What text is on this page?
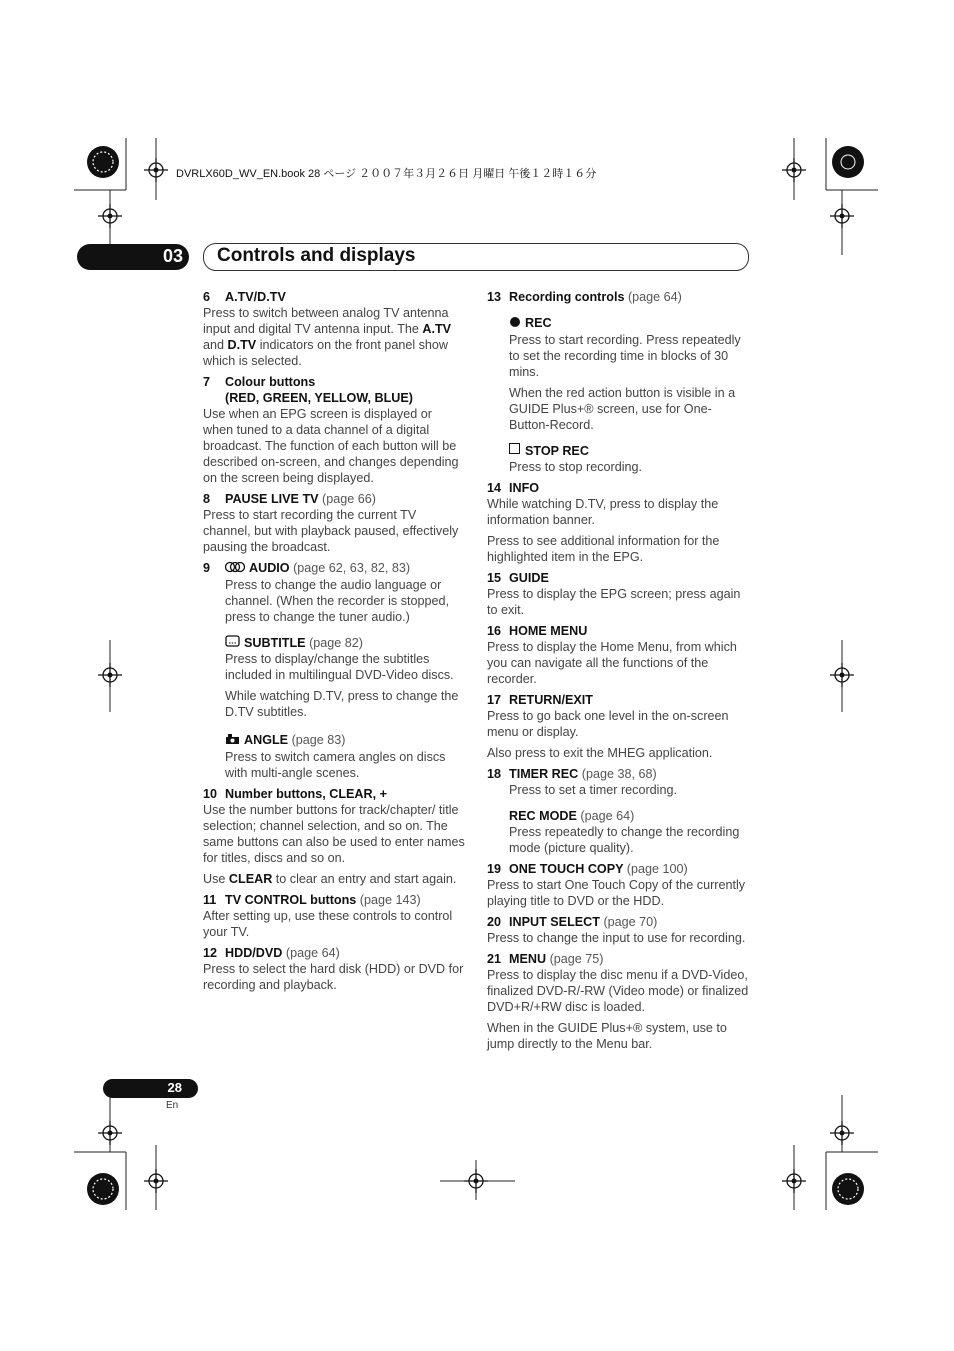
DVRLX60D_WV_EN.book 28 ページ ２００７年３月２６日 月曜日 午後１２時１６分
03 Controls and displays
6 A.TV/D.TV
Press to switch between analog TV antenna input and digital TV antenna input. The A.TV and D.TV indicators on the front panel show which is selected.
7 Colour buttons
(RED, GREEN, YELLOW, BLUE)
Use when an EPG screen is displayed or when tuned to a data channel of a digital broadcast. The function of each button will be described on-screen, and changes depending on the screen being displayed.
8 PAUSE LIVE TV (page 66)
Press to start recording the current TV channel, but with playback paused, effectively pausing the broadcast.
9	AUDIO (page 62, 63, 82, 83)
Press to change the audio language or channel. (When the recorder is stopped, press to change the tuner audio.)
SUBTITLE (page 82)
Press to display/change the subtitles included in multilingual DVD-Video discs.
While watching D.TV, press to change the D.TV subtitles.
ANGLE (page 83)
Press to switch camera angles on discs with multi-angle scenes.
10 Number buttons, CLEAR, +
Use the number buttons for track/chapter/ title selection; channel selection, and so on. The same buttons can also be used to enter names for titles, discs and so on.
Use CLEAR to clear an entry and start again.
11 TV CONTROL buttons (page 143)
After setting up, use these controls to control your TV.
12 HDD/DVD (page 64)
Press to select the hard disk (HDD) or DVD for recording and playback.
13 Recording controls (page 64)
REC
Press to start recording. Press repeatedly to set the recording time in blocks of 30 mins.
When the red action button is visible in a GUIDE Plus+® screen, use for One-Button-Record.
STOP REC
Press to stop recording.
14 INFO
While watching D.TV, press to display the information banner.
Press to see additional information for the highlighted item in the EPG.
15 GUIDE
Press to display the EPG screen; press again to exit.
16 HOME MENU
Press to display the Home Menu, from which you can navigate all the functions of the recorder.
17 RETURN/EXIT
Press to go back one level in the on-screen menu or display.
Also press to exit the MHEG application.
18 TIMER REC (page 38, 68)
Press to set a timer recording.
REC MODE (page 64)
Press repeatedly to change the recording mode (picture quality).
19 ONE TOUCH COPY (page 100)
Press to start One Touch Copy of the currently playing title to DVD or the HDD.
20 INPUT SELECT (page 70)
Press to change the input to use for recording.
21 MENU (page 75)
Press to display the disc menu if a DVD-Video, finalized DVD-R/-RW (Video mode) or finalized DVD+R/+RW disc is loaded.
When in the GUIDE Plus+® system, use to jump directly to the Menu bar.
28
En
